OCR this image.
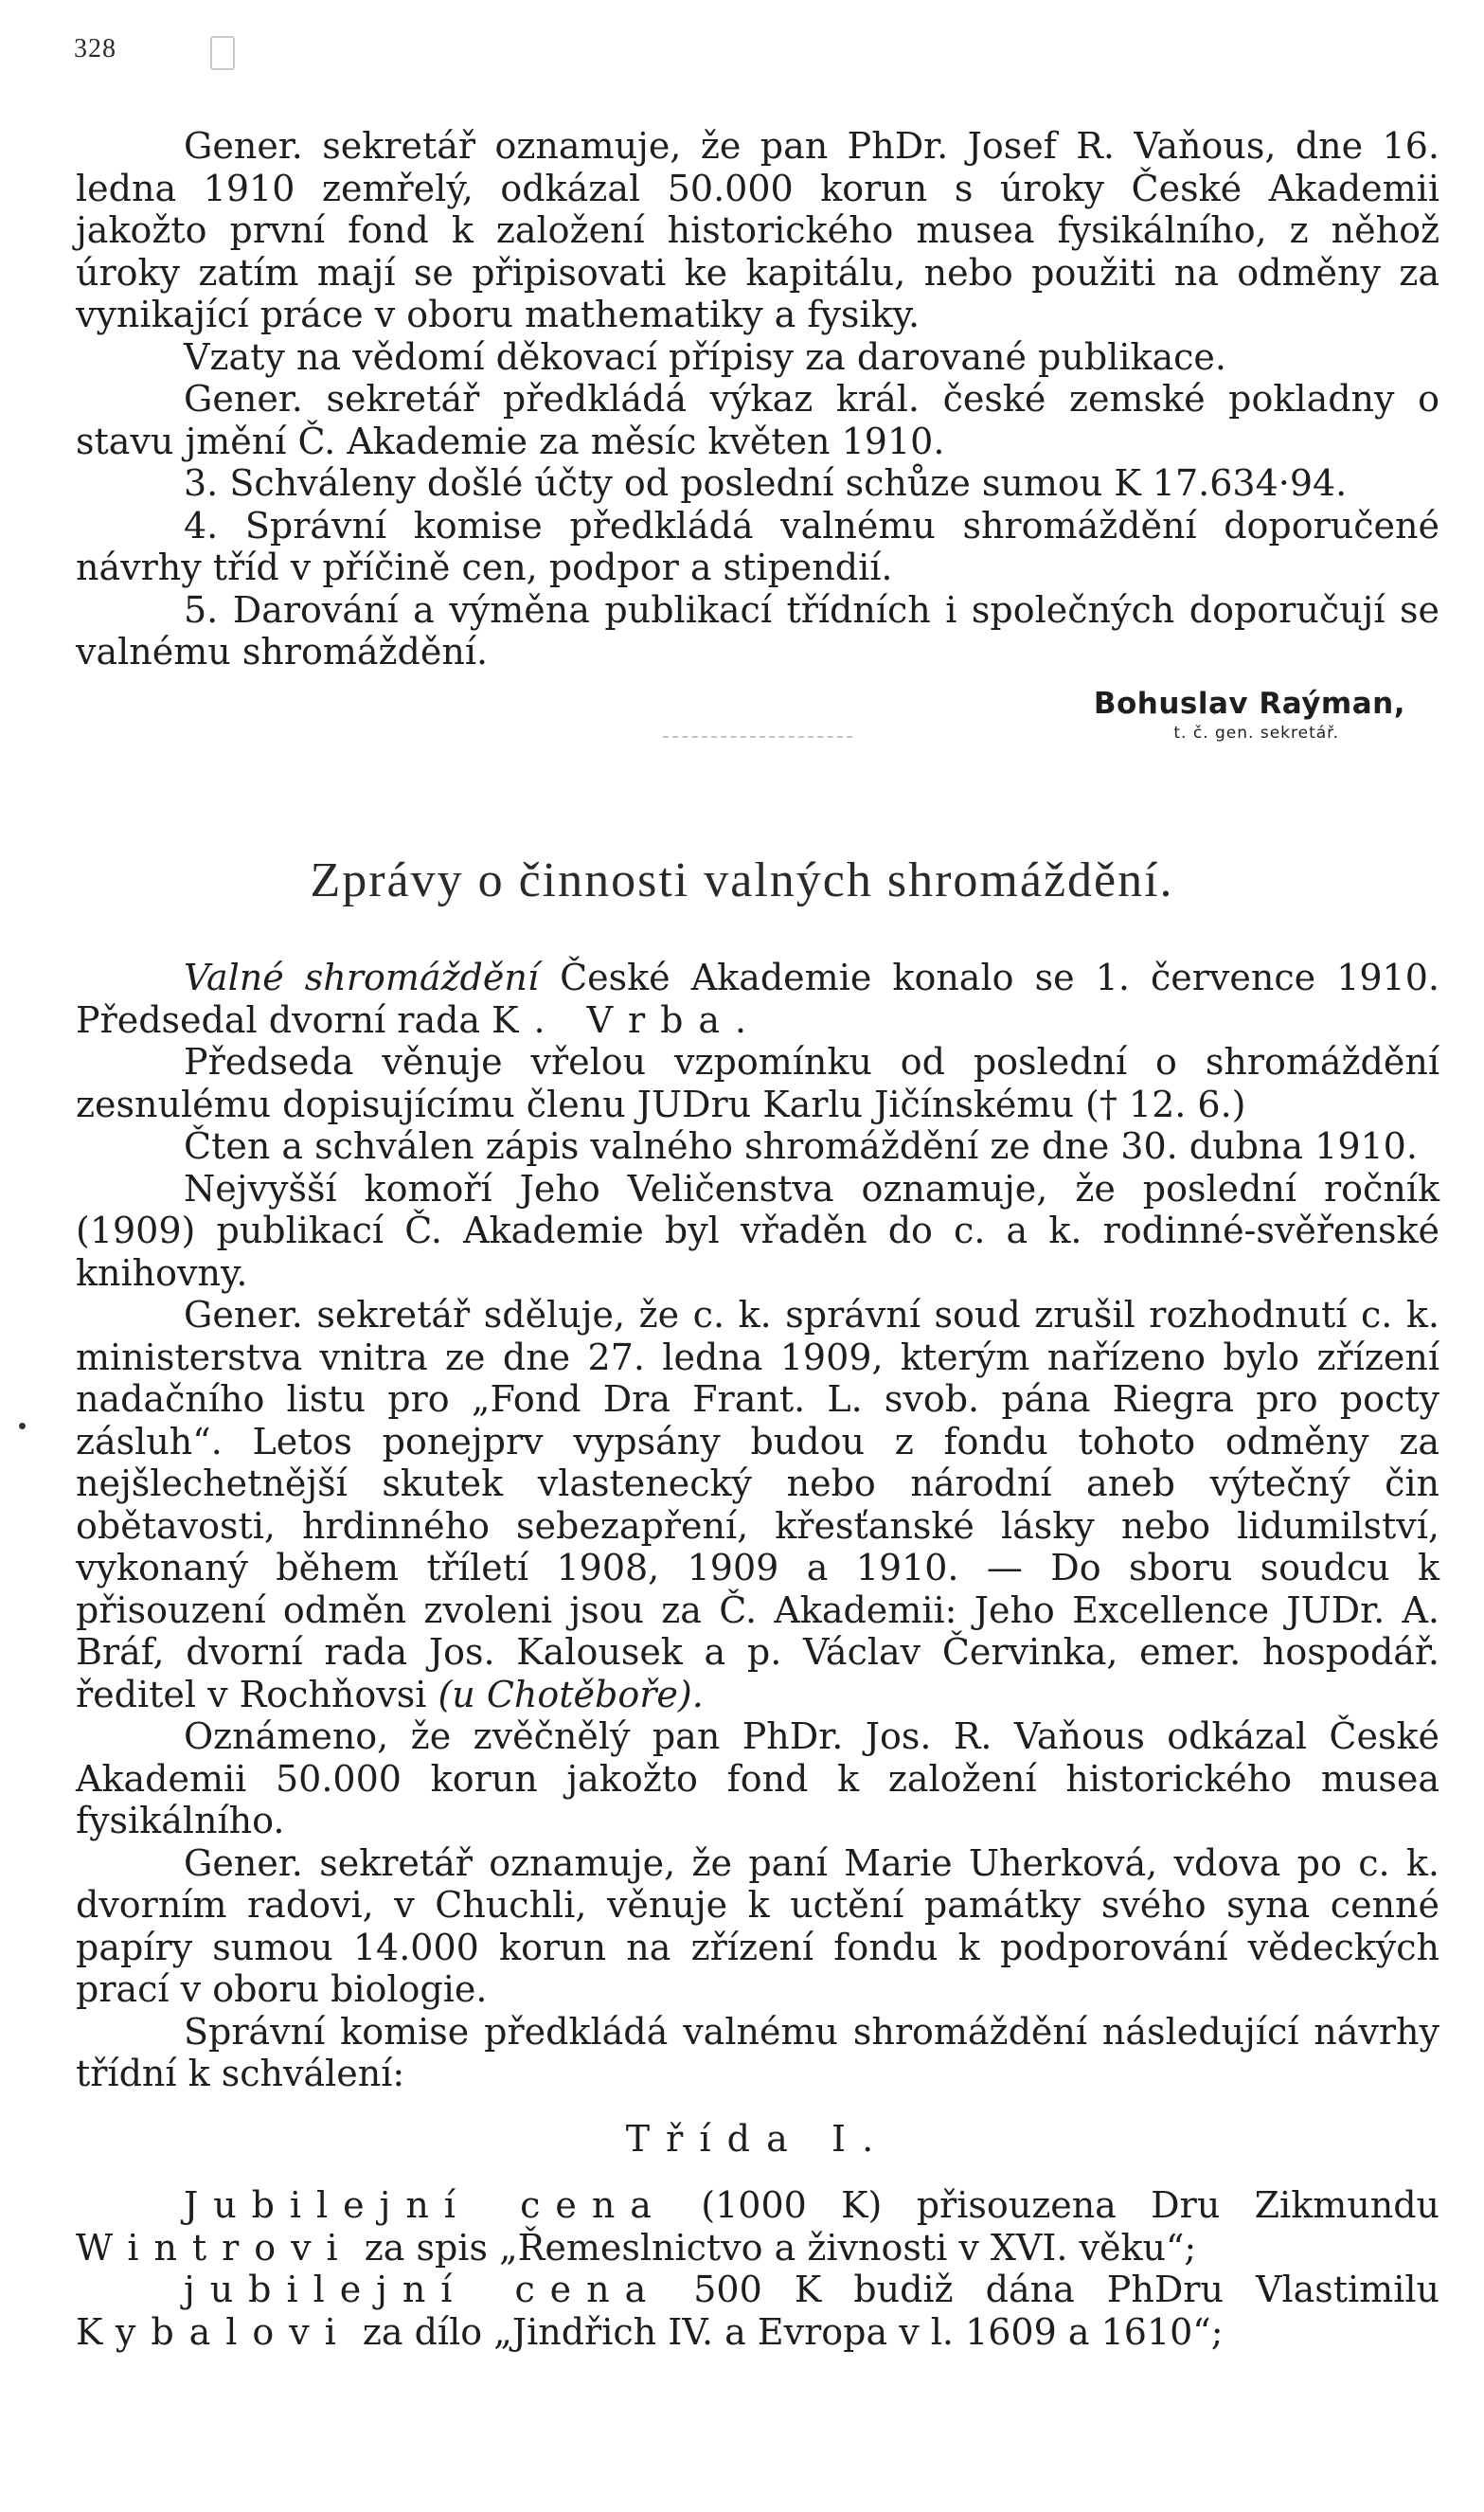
328

Gener. sekretář oznamuje, že pan PhDr. Josef R. Vaňous, dne 16. ledna 1910 zemřelý, odkázal 50.000 korun s úroky České Akademii jakožto první fond k založení historického musea fysikálního, z něhož úroky zatím mají se připisovati ke kapitálu, nebo použiti na odměny za vynikající práce v oboru mathematiky a fysiky.

Vzaty na vědomí děkovací přípisy za darované publikace.

Gener. sekretář předkládá výkaz král. české zemské pokladny o stavu jmění Č. Akademie za měsíc květen 1910.

3. Schváleny došlé účty od poslední schůze sumou K 17.634·94.

4. Správní komise předkládá valnému shromáždění doporučené návrhy tříd v příčině cen, podpor a stipendií.

5. Darování a výměna publikací třídních i společných doporučují se valnému shromáždění.

Bohuslav Raýman,
t. č. gen. sekretář.
Zprávy o činnosti valných shromáždění.

Valné shromáždění České Akademie konalo se 1. července 1910. Předsedal dvorní rada K. Vrba.

Předseda věnuje vřelou vzpomínku od poslední o shromáždění zesnulému dopisujícímu členu JUDru Karlu Jičínskému († 12. 6.)

Čten a schválen zápis valného shromáždění ze dne 30. dubna 1910.

Nejvyšší komoří Jeho Veličenstva oznamuje, že poslední ročník (1909) publikací Č. Akademie byl vřaděn do c. a k. rodinné-svěřenské knihovny.

Gener. sekretář sděluje, že c. k. správní soud zrušil rozhodnutí c. k. ministerstva vnitra ze dne 27. ledna 1909, kterým nařízeno bylo zřízení nadačního listu pro „Fond Dra Frant. L. svob. pána Riegra pro pocty zásluh“. Letos ponejprv vypsány budou z fondu tohoto odměny za nejšlechetnější skutek vlastenecký nebo národní aneb výtečný čin obětavosti, hrdinného sebezapření, křesťanské lásky nebo lidumilství, vykonaný během tříletí 1908, 1909 a 1910. — Do sboru soudcu k přisouzení odměn zvoleni jsou za Č. Akademii: Jeho Excellence JUDr. A. Bráf, dvorní rada Jos. Kalousek a p. Václav Červinka, emer. hospodář. ředitel v Rochňovsi (u Chotěboře).

Oznámeno, že zvěčnělý pan PhDr. Jos. R. Vaňous odkázal České Akademii 50.000 korun jakožto fond k založení historického musea fysikálního.

Gener. sekretář oznamuje, že paní Marie Uherková, vdova po c. k. dvorním radovi, v Chuchli, věnuje k uctění památky svého syna cenné papíry sumou 14.000 korun na zřízení fondu k podporování vědeckých prací v oboru biologie.

Správní komise předkládá valnému shromáždění následující návrhy třídní k schválení:

Třída I.

Jubilejní cena (1000 K) přisouzena Dru Zikmundu Wintrovi za spis „Řemeslnictvo a živnosti v XVI. věku“;

jubilejní cena 500 K budiž dána PhDru Vlastimilu Kybalovi za dílo „Jindřich IV. a Evropa v l. 1609 a 1610“;
